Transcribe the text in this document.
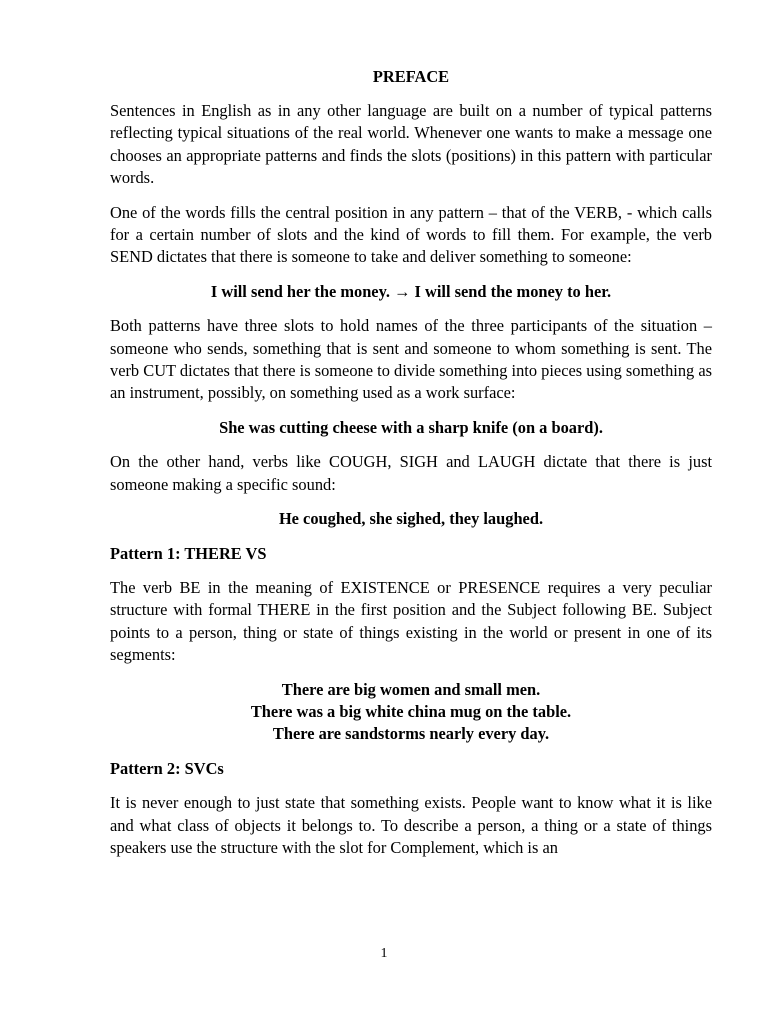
PREFACE
Sentences in English as in any other language are built on a number of typical patterns reflecting typical situations of the real world. Whenever one wants to make a message one chooses an appropriate patterns and finds the slots (positions) in this pattern with particular words.
One of the words fills the central position in any pattern – that of the VERB, - which calls for a certain number of slots and the kind of words to fill them. For example, the verb SEND dictates that there is someone to take and deliver something to someone:
I will send her the money. → I will send the money to her.
Both patterns have three slots to hold names of the three participants of the situation – someone who sends, something that is sent and someone to whom something is sent. The verb CUT dictates that there is someone to divide something into pieces using something as an instrument, possibly, on something used as a work surface:
She was cutting cheese with a sharp knife (on a board).
On the other hand, verbs like COUGH, SIGH and LAUGH dictate that there is just someone making a specific sound:
He coughed, she sighed, they laughed.
Pattern 1: THERE VS
The verb BE in the meaning of EXISTENCE or PRESENCE requires a very peculiar structure with formal THERE in the first position and the Subject following BE. Subject points to a person, thing or state of things existing in the world or present in one of its segments:
There are big women and small men.
There was a big white china mug on the table.
There are sandstorms nearly every day.
Pattern 2: SVCs
It is never enough to just state that something exists. People want to know what it is like and what class of objects it belongs to. To describe a person, a thing or a state of things speakers use the structure with the slot for Complement, which is an
1
